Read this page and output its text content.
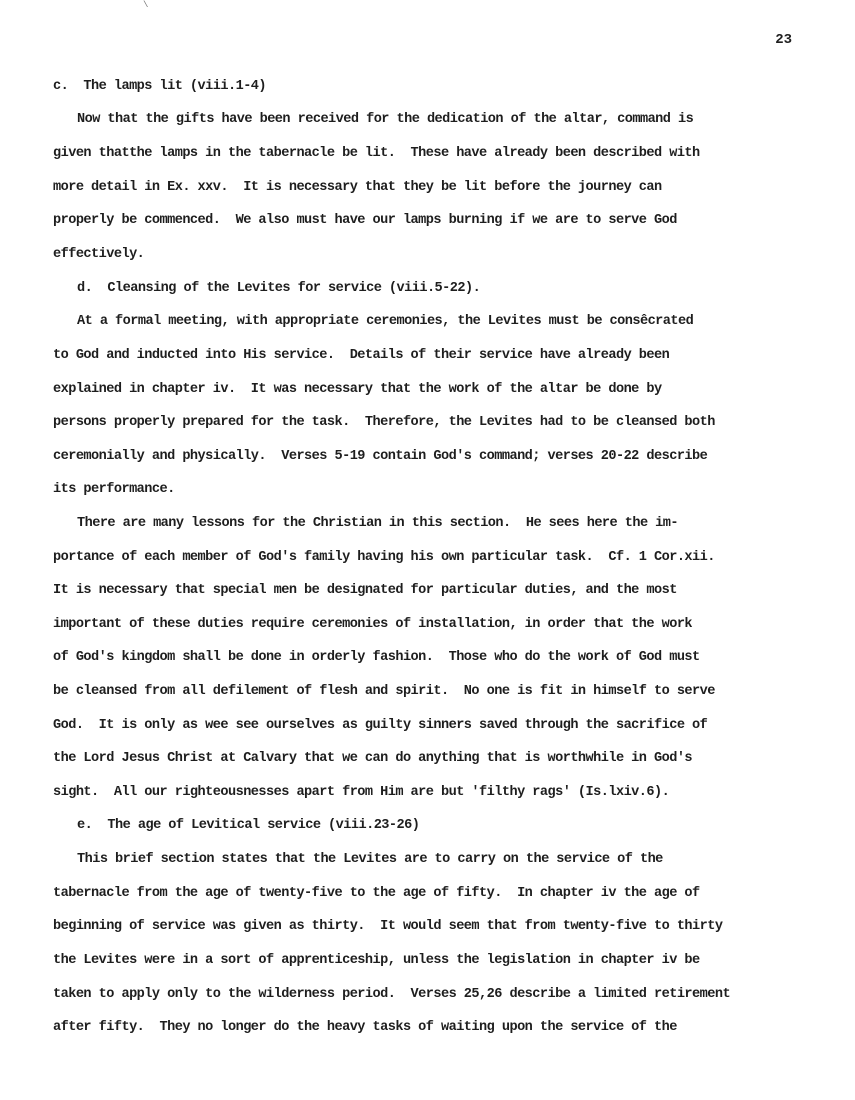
\
23
c.  The lamps lit (viii.1-4)
Now that the gifts have been received for the dedication of the altar, command is
given thatthe lamps in the tabernacle be lit.  These have already been described with
more detail in Ex. xxv.  It is necessary that they be lit before the journey can
properly be commenced.  We also must have our lamps burning if we are to serve God
effectively.
d.  Cleansing of the Levites for service (viii.5-22).
At a formal meeting, with appropriate ceremonies, the Levites must be consêcrated
to God and inducted into His service.  Details of their service have already been
explained in chapter iv.  It was necessary that the work of the altar be done by
persons properly prepared for the task.  Therefore, the Levites had to be cleansed both
ceremonially and physically.  Verses 5-19 contain God's command; verses 20-22 describe
its performance.
There are many lessons for the Christian in this section.  He sees here the im-
portance of each member of God's family having his own particular task.  Cf. 1 Cor.xii.
It is necessary that special men be designated for particular duties, and the most
important of these duties require ceremonies of installation, in order that the work
of God's kingdom shall be done in orderly fashion.  Those who do the work of God must
be cleansed from all defilement of flesh and spirit.  No one is fit in himself to serve
God.  It is only as wee see ourselves as guilty sinners saved through the sacrifice of
the Lord Jesus Christ at Calvary that we can do anything that is worthwhile in God's
sight.  All our righteousnesses apart from Him are but 'filthy rags' (Is.lxiv.6).
e.  The age of Levitical service (viii.23-26)
This brief section states that the Levites are to carry on the service of the
tabernacle from the age of twenty-five to the age of fifty.  In chapter iv the age of
beginning of service was given as thirty.  It would seem that from twenty-five to thirty
the Levites were in a sort of apprenticeship, unless the legislation in chapter iv be
taken to apply only to the wilderness period.  Verses 25,26 describe a limited retirement
after fifty.  They no longer do the heavy tasks of waiting upon the service of the
